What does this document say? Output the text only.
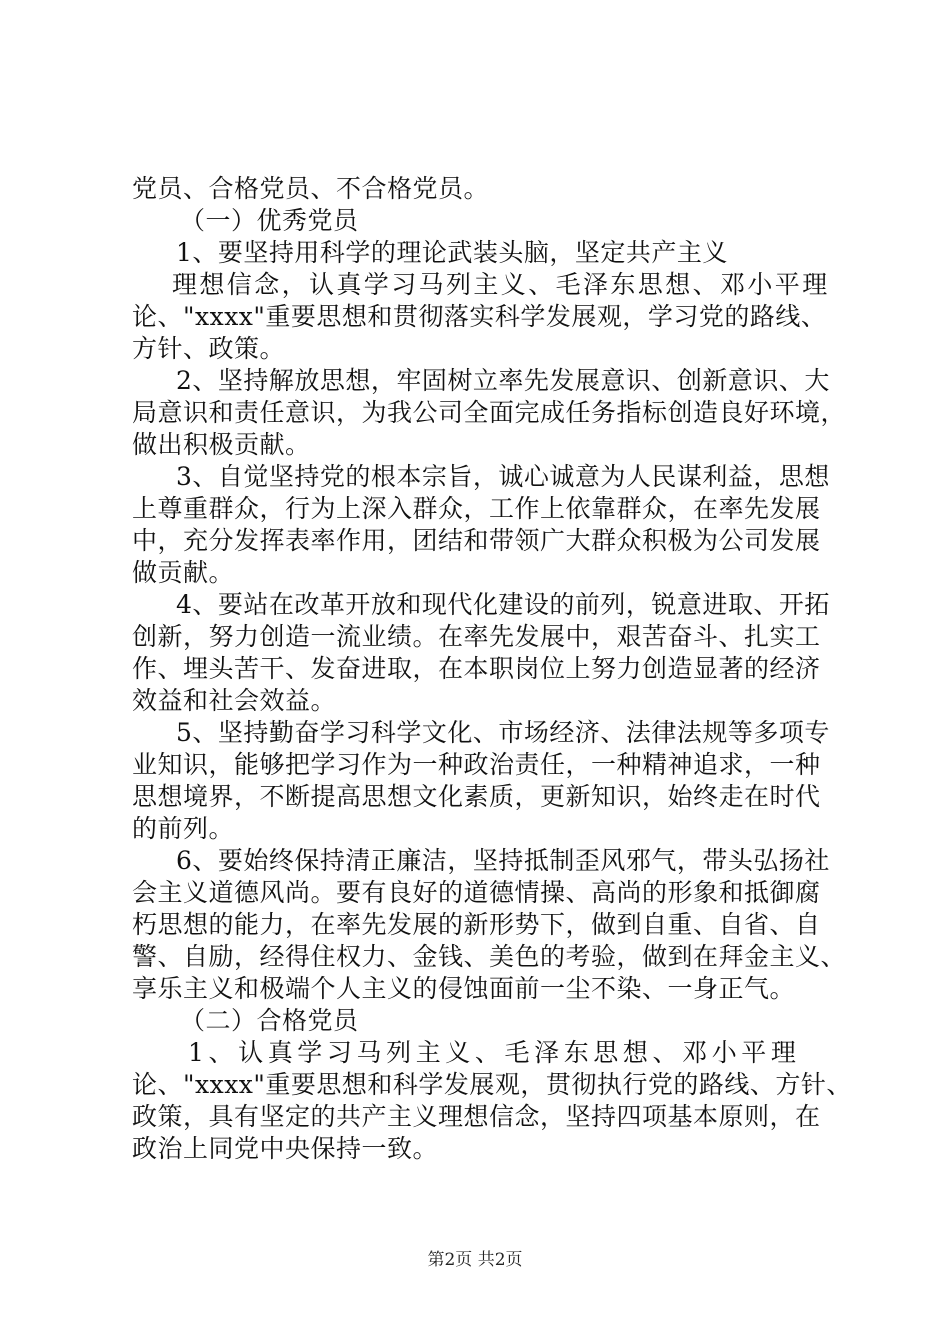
党员、合格党员、不合格党员。
（一）优秀党员
1、要坚持用科学的理论武装头脑，坚定共产主义
理想信念，认真学习马列主义、毛泽东思想、邓小平理
论、"xxxx"重要思想和贯彻落实科学发展观，学习党的路线、
方针、政策。
2、坚持解放思想，牢固树立率先发展意识、创新意识、大
局意识和责任意识，为我公司全面完成任务指标创造良好环境，
做出积极贡献。
3、自觉坚持党的根本宗旨，诚心诚意为人民谋利益，思想
上尊重群众，行为上深入群众，工作上依靠群众，在率先发展
中，充分发挥表率作用，团结和带领广大群众积极为公司发展
做贡献。
4、要站在改革开放和现代化建设的前列，锐意进取、开拓
创新，努力创造一流业绩。在率先发展中，艰苦奋斗、扎实工
作、埋头苦干、发奋进取，在本职岗位上努力创造显著的经济
效益和社会效益。
5、坚持勤奋学习科学文化、市场经济、法律法规等多项专
业知识，能够把学习作为一种政治责任，一种精神追求，一种
思想境界，不断提高思想文化素质，更新知识，始终走在时代
的前列。
6、要始终保持清正廉洁，坚持抵制歪风邪气，带头弘扬社
会主义道德风尚。要有良好的道德情操、高尚的形象和抵御腐
朽思想的能力，在率先发展的新形势下，做到自重、自省、自
警、自励，经得住权力、金钱、美色的考验，做到在拜金主义、
享乐主义和极端个人主义的侵蚀面前一尘不染、一身正气。
（二）合格党员
1、认真学习马列主义、毛泽东思想、邓小平理
论、"xxxx"重要思想和科学发展观，贯彻执行党的路线、方针、
政策，具有坚定的共产主义理想信念，坚持四项基本原则，在
政治上同党中央保持一致。
第2页 共2页
